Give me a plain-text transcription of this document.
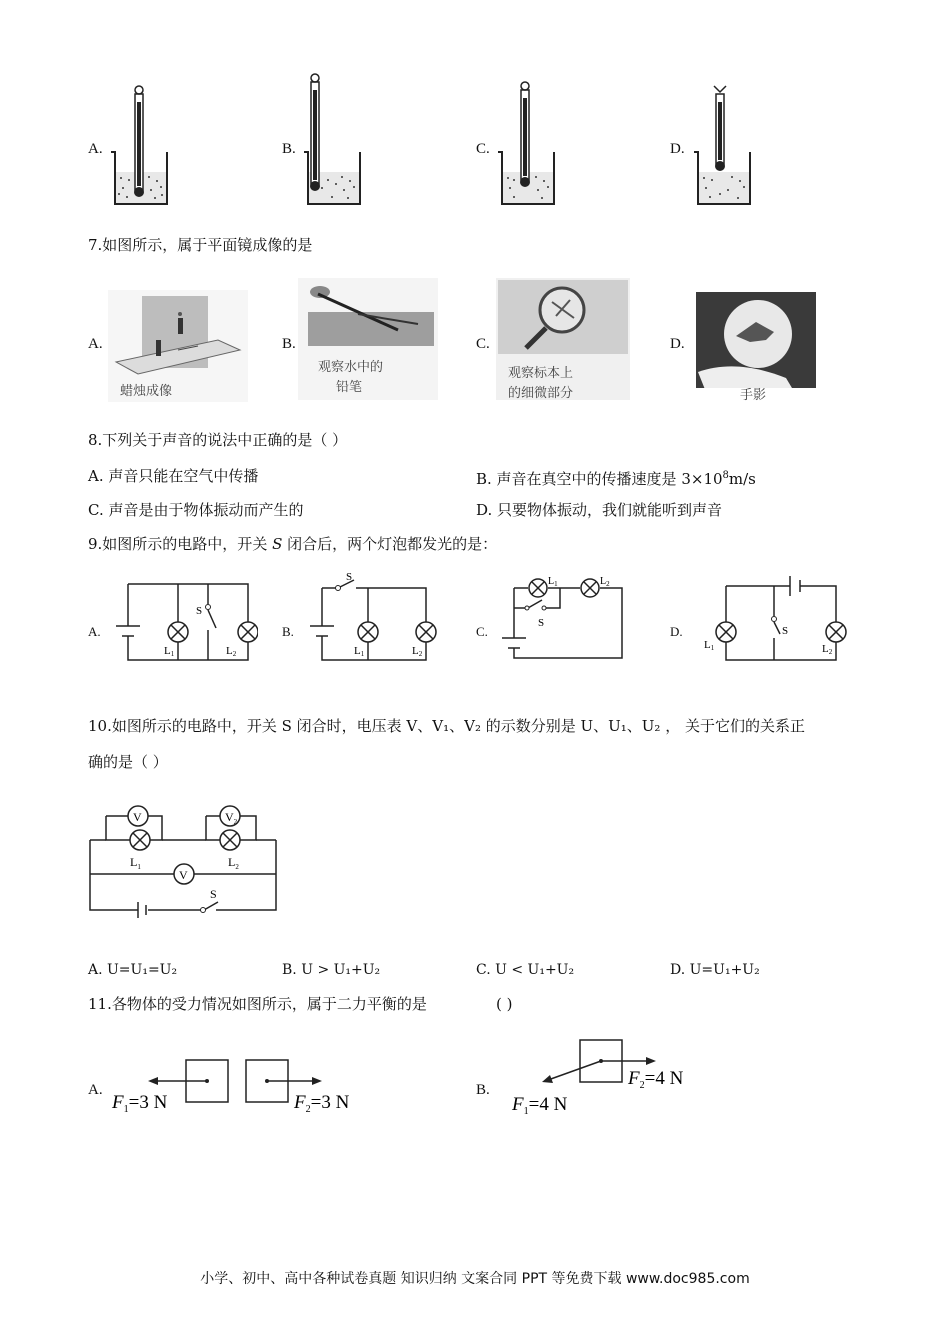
A.	B.	C.	D.
7.如图所示，属于平面镜成像的是
A.	B.	C.	D.
蜡烛成像
观察水中的
铅笔
观察标本上
的细微部分	手影
8.下列关于声音的说法中正确的是（ ）
A. 声音只能在空气中传播	B. 声音在真空中的传播速度是 $3\times 10^8m/s$
C. 声音是由于物体振动而产生的	D. 只要物体振动，我们就能听到声音
9.如图所示的电路中，开关 S 闭合后，两个灯泡都发光的是：
A.	B.	C.	D.
S
L1	L2
S
L1	L2
S
$L_1$	$L_2$
S
L1	L2
10.如图所示的电路中，开关 S 闭合时，电压表 V、V₁、V₂ 的示数分别是 U、U₁、U₂ ， 关于它们的关系正
确的是（ ）
V	$V_2$
V
$L_1$	$L_2$
S
A. U=U₁=U₂	B. U > U₁+U₂	C. U < U₁+U₂	D. U=U₁+U₂
11.各物体的受力情况如图所示，属于二力平衡的是	( )
A.	B.
$F_1=3$ N	$F_2=3$ N	$F_1=4$ N
$F_2=4$ N
小学、初中、高中各种试卷真题 知识归纳 文案合同 PPT 等免费下载 www.doc985.com
